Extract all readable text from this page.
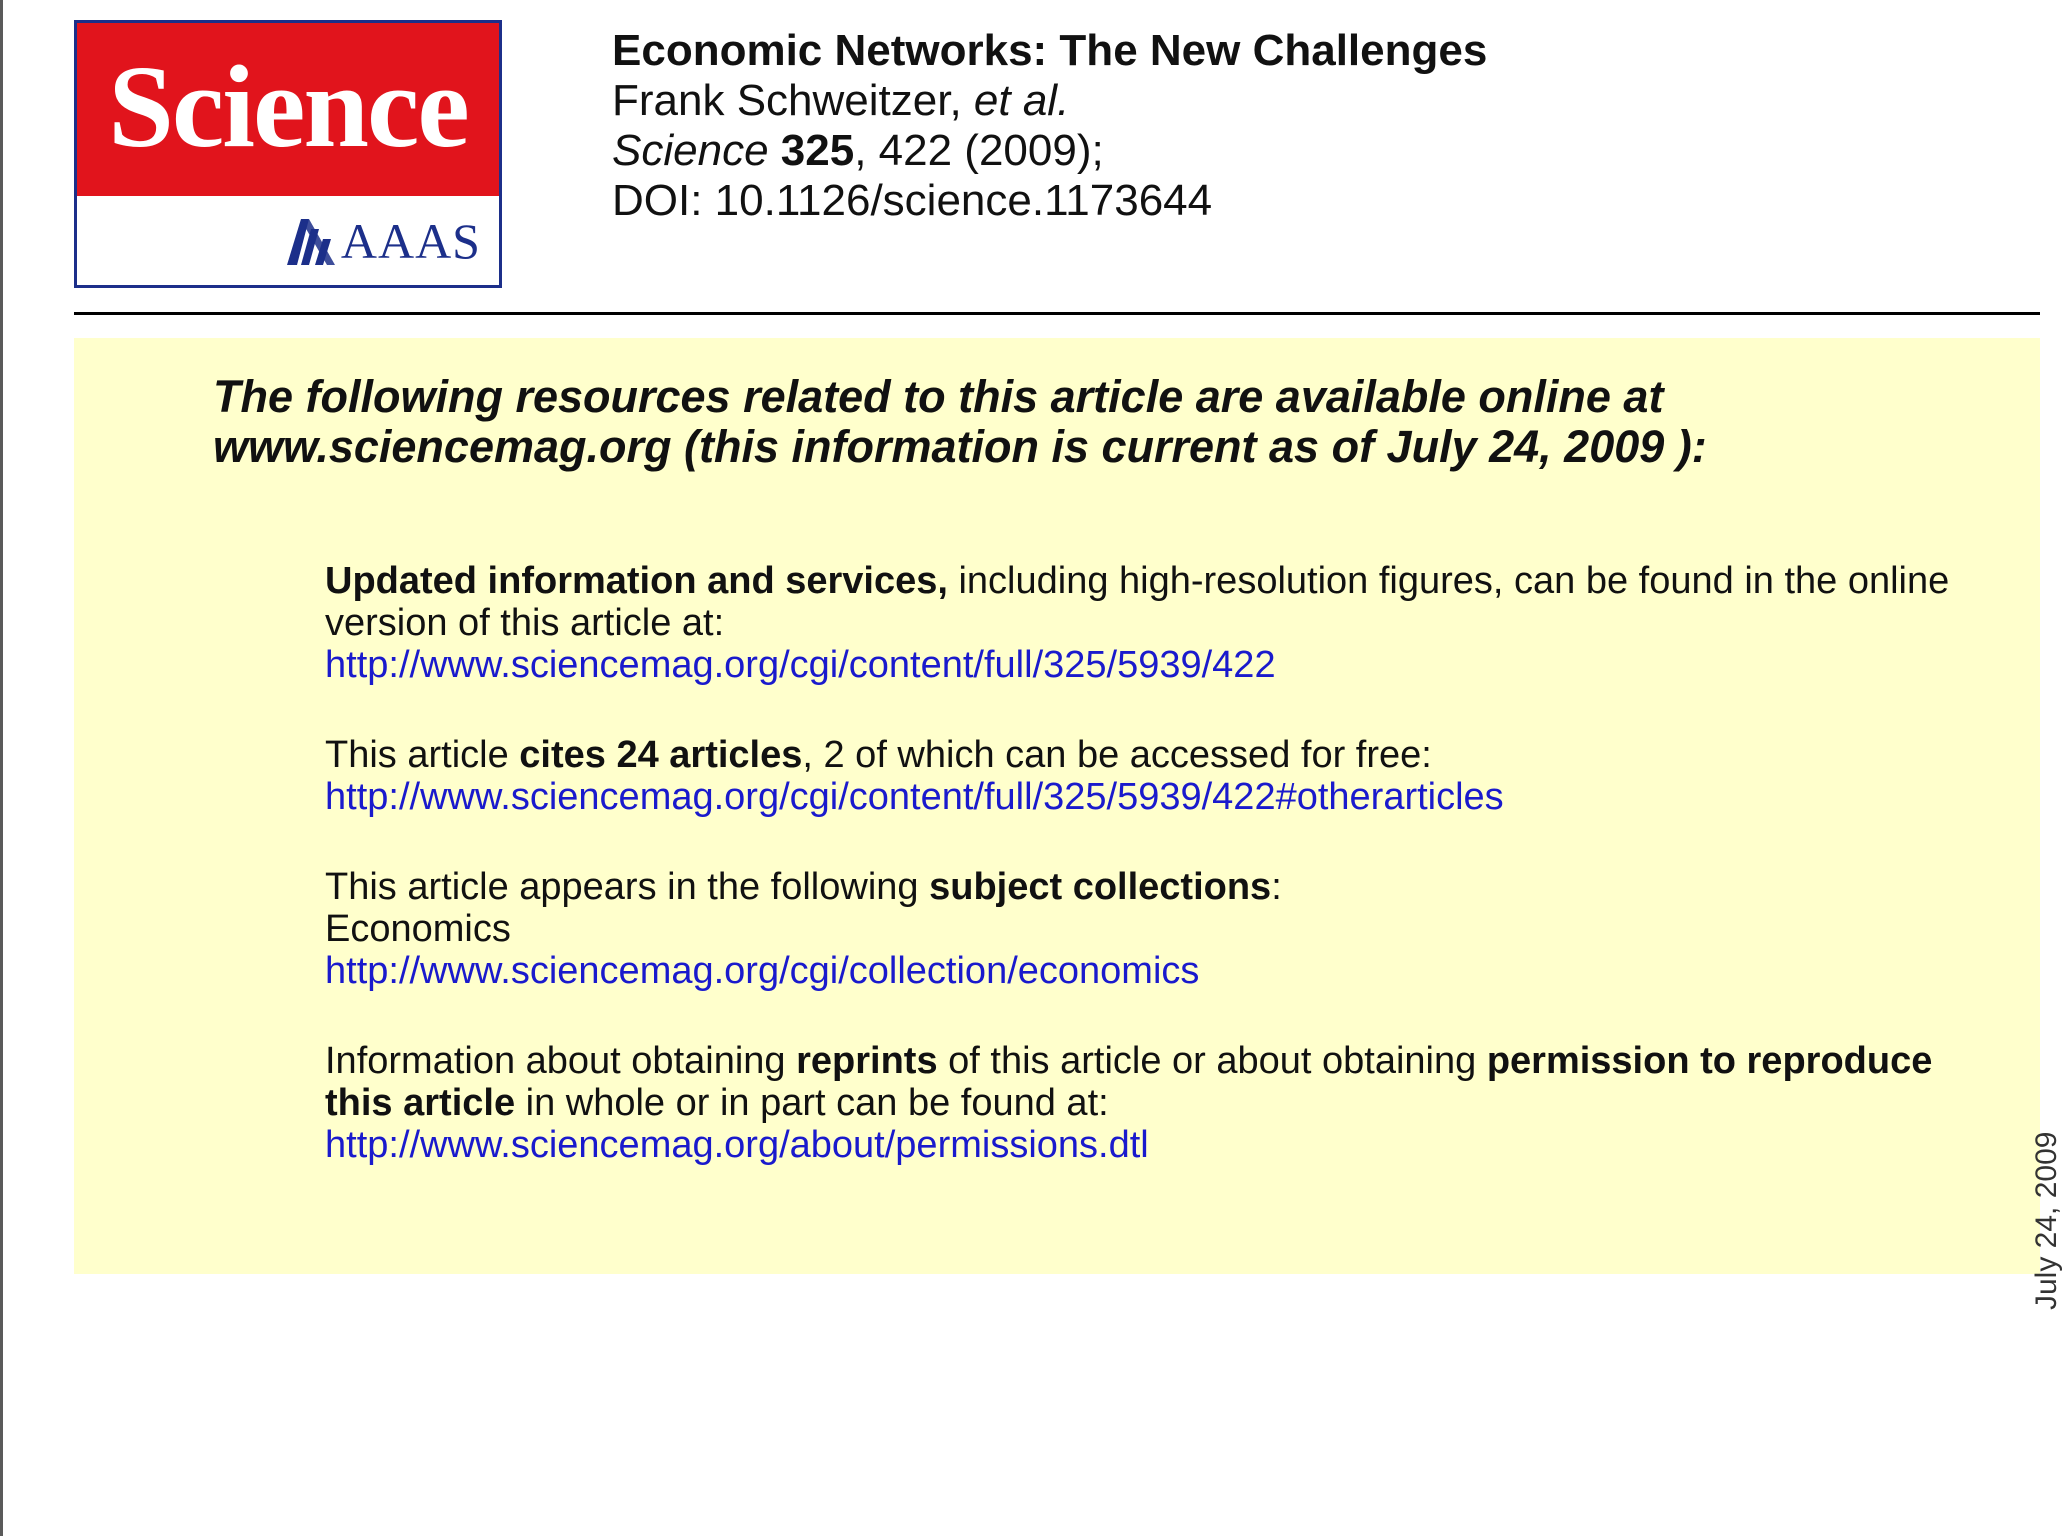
Science
AAAS
Economic Networks: The New Challenges
Frank Schweitzer, et al.
Science 325, 422 (2009);
DOI: 10.1126/science.1173644
The following resources related to this article are available online at
www.sciencemag.org (this information is current as of July 24, 2009 ):
Updated information and services, including high-resolution figures, can be found in the online
version of this article at:
http://www.sciencemag.org/cgi/content/full/325/5939/422
This article cites 24 articles, 2 of which can be accessed for free:
http://www.sciencemag.org/cgi/content/full/325/5939/422#otherarticles
This article appears in the following subject collections:
Economics
http://www.sciencemag.org/cgi/collection/economics
Information about obtaining reprints of this article or about obtaining permission to reproduce
this article in whole or in part can be found at:
http://www.sciencemag.org/about/permissions.dtl	July 24, 2009
